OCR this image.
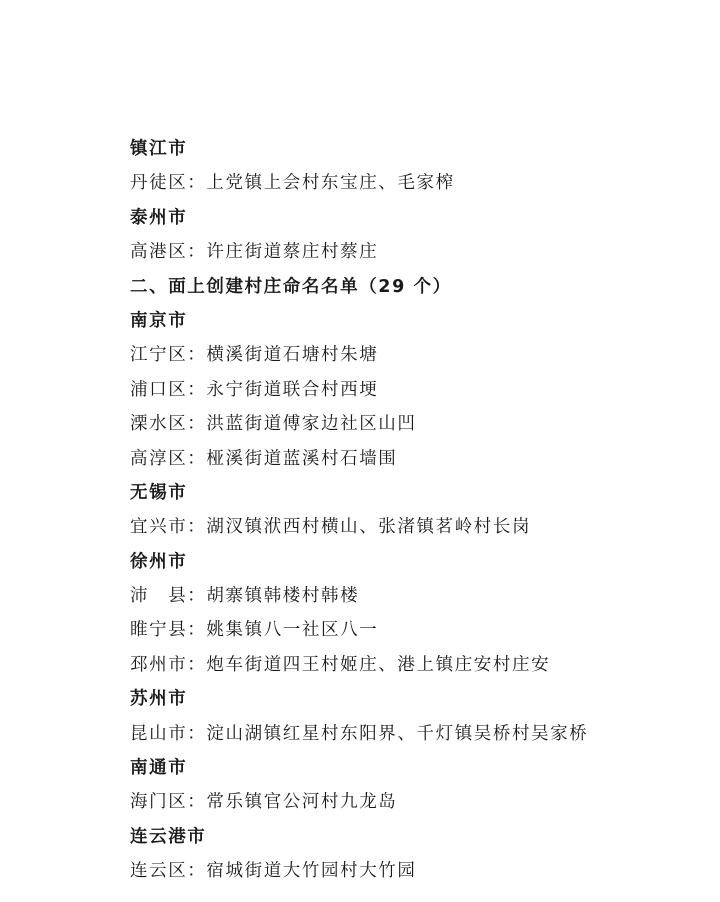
镇江市
丹徒区：上党镇上会村东宝庄、毛家榨
泰州市
高港区：许庄街道蔡庄村蔡庄
二、面上创建村庄命名名单（29 个）
南京市
江宁区：横溪街道石塘村朱塘
浦口区：永宁街道联合村西埂
溧水区：洪蓝街道傅家边社区山凹
高淳区：桠溪街道蓝溪村石墙围
无锡市
宜兴市：湖汊镇洑西村横山、张渚镇茗岭村长岗
徐州市
沛　县：胡寨镇韩楼村韩楼
睢宁县：姚集镇八一社区八一
邳州市：炮车街道四王村姬庄、港上镇庄安村庄安
苏州市
昆山市：淀山湖镇红星村东阳界、千灯镇吴桥村吴家桥
南通市
海门区：常乐镇官公河村九龙岛
连云港市
连云区：宿城街道大竹园村大竹园
